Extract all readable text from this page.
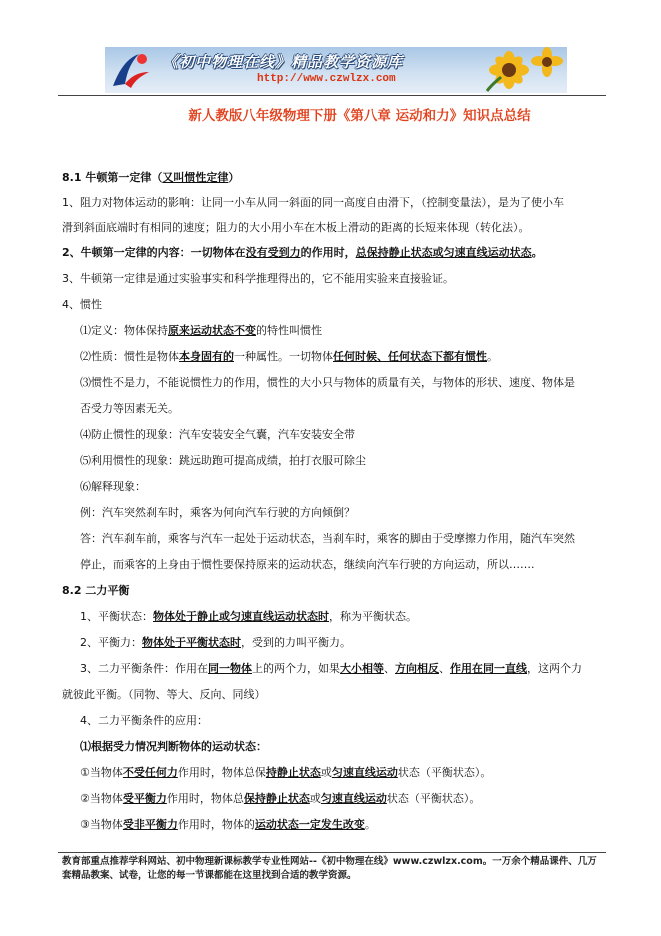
《初中物理在线》精品教学资源库
http://www.czwlzx.com
新人教版八年级物理下册《第八章 运动和力》知识点总结
8.1 牛顿第一定律（又叫惯性定律）
1、阻力对物体运动的影响：让同一小车从同一斜面的同一高度自由滑下，（控制变量法），是为了使小车
滑到斜面底端时有相同的速度；阻力的大小用小车在木板上滑动的距离的长短来体现（转化法）。
2、牛顿第一定律的内容：一切物体在没有受到力的作用时，总保持静止状态或匀速直线运动状态。
3、牛顿第一定律是通过实验事实和科学推理得出的，它不能用实验来直接验证。
4、惯性
⑴定义：物体保持原来运动状态不变的特性叫惯性
⑵性质：惯性是物体本身固有的一种属性。一切物体任何时候、任何状态下都有惯性。
⑶惯性不是力，不能说惯性力的作用，惯性的大小只与物体的质量有关，与物体的形状、速度、物体是
否受力等因素无关。
⑷防止惯性的现象：汽车安装安全气囊，汽车安装安全带
⑸利用惯性的现象：跳远助跑可提高成绩，拍打衣服可除尘
⑹解释现象：
例：汽车突然刹车时，乘客为何向汽车行驶的方向倾倒？
答：汽车刹车前，乘客与汽车一起处于运动状态，当刹车时，乘客的脚由于受摩擦力作用，随汽车突然
停止，而乘客的上身由于惯性要保持原来的运动状态，继续向汽车行驶的方向运动，所以…….
8.2 二力平衡
1、平衡状态：物体处于静止或匀速直线运动状态时，称为平衡状态。
2、平衡力：物体处于平衡状态时，受到的力叫平衡力。
3、二力平衡条件：作用在同一物体上的两个力，如果大小相等、方向相反、作用在同一直线，这两个力
就彼此平衡。（同物、等大、反向、同线）
4、二力平衡条件的应用：
⑴根据受力情况判断物体的运动状态：
①当物体不受任何力作用时，物体总保持静止状态或匀速直线运动状态（平衡状态）。
②当物体受平衡力作用时，物体总保持静止状态或匀速直线运动状态（平衡状态）。
③当物体受非平衡力作用时，物体的运动状态一定发生改变。
教育部重点推荐学科网站、初中物理新课标教学专业性网站--《初中物理在线》www.czwlzx.com。一万余个精品课件、几万
套精品教案、试卷，让您的每一节课都能在这里找到合适的教学资源。
